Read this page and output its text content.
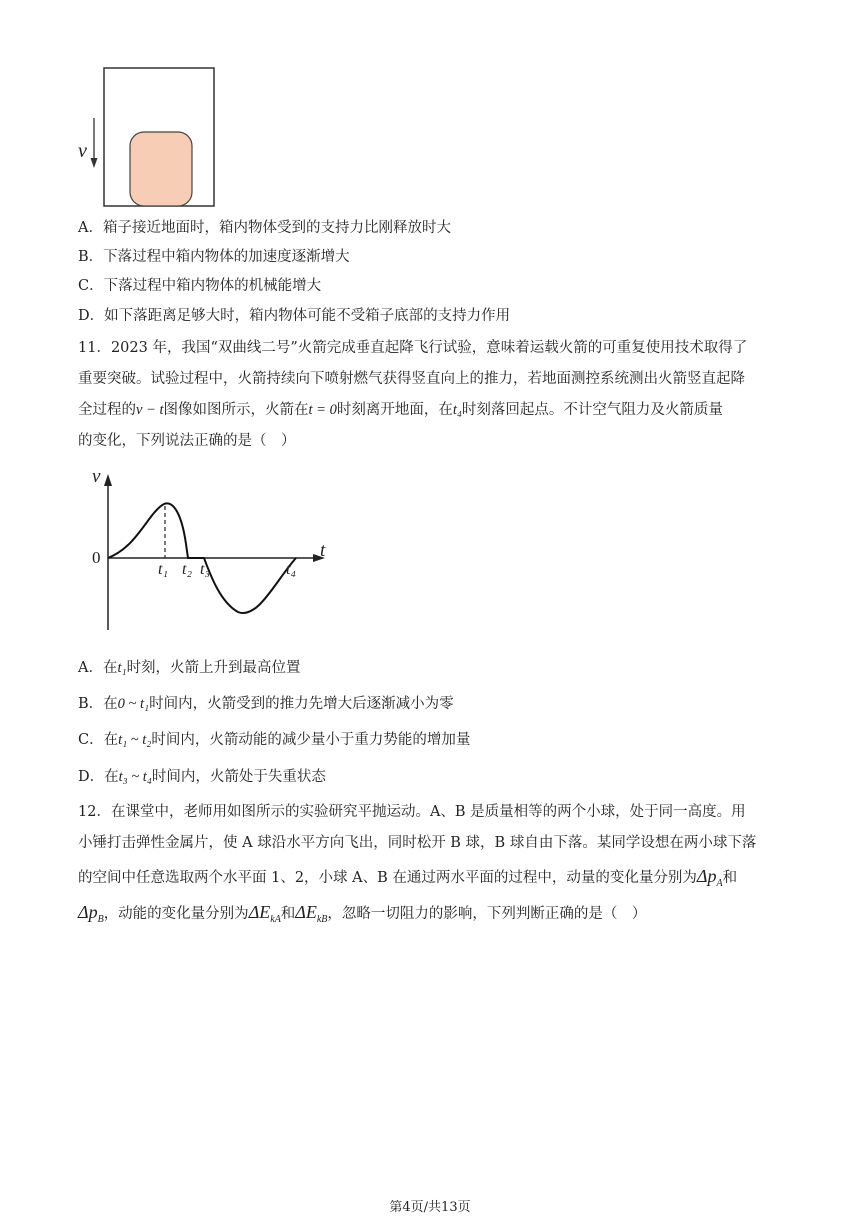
v
A．箱子接近地面时，箱内物体受到的支持力比刚释放时大
B．下落过程中箱内物体的加速度逐渐增大
C．下落过程中箱内物体的机械能增大
D．如下落距离足够大时，箱内物体可能不受箱子底部的支持力作用
11．2023 年，我国“双曲线二号”火箭完成垂直起降飞行试验，意味着运载火箭的可重复使用技术取得了
重要突破。试验过程中，火箭持续向下喷射燃气获得竖直向上的推力，若地面测控系统测出火箭竖直起降
全过程的v − t图像如图所示，火箭在t = 0时刻离开地面，在t₄时刻落回起点。不计空气阻力及火箭质量
的变化，下列说法正确的是（　）
v
t
0
t₁ t₂ t₃	t₄
A．在t₁时刻，火箭上升到最高位置
B．在0 ~ t₁时间内，火箭受到的推力先增大后逐渐减小为零
C．在t₁ ~ t₂时间内，火箭动能的减少量小于重力势能的增加量
D．在t₃ ~ t₄时间内，火箭处于失重状态
12．在课堂中，老师用如图所示的实验研究平抛运动。A、B 是质量相等的两个小球，处于同一高度。用
小锤打击弹性金属片，使 A 球沿水平方向飞出，同时松开 B 球，B 球自由下落。某同学设想在两小球下落
的空间中任意选取两个水平面 1、2，小球 A、B 在通过两水平面的过程中，动量的变化量分别为$\Delta p_A$和
$\Delta p_B$，动能的变化量分别为$\Delta E_{kA}$和$\Delta E_{kB}$，忽略一切阻力的影响，下列判断正确的是（　）
第4页/共13页
